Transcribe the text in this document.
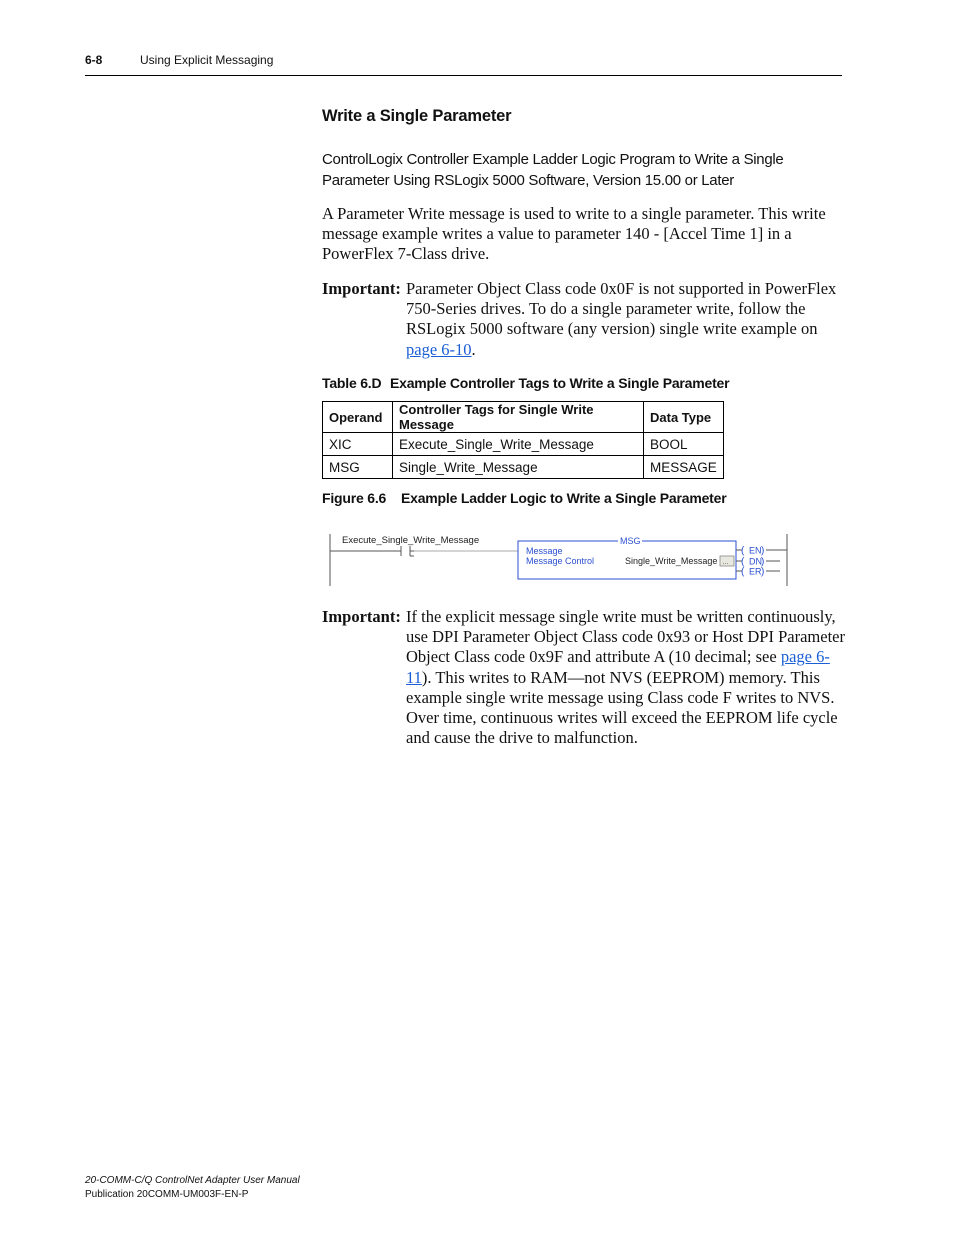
6-8	Using Explicit Messaging
Write a Single Parameter
ControlLogix Controller Example Ladder Logic Program to Write a Single Parameter Using RSLogix 5000 Software, Version 15.00 or Later
A Parameter Write message is used to write to a single parameter. This write message example writes a value to parameter 140 - [Accel Time 1] in a PowerFlex 7-Class drive.
Important: Parameter Object Class code 0x0F is not supported in PowerFlex 750-Series drives. To do a single parameter write, follow the RSLogix 5000 software (any version) single write example on page 6-10.
Table 6.D Example Controller Tags to Write a Single Parameter
Operand	Controller Tags for Single Write Message	Data Type
XIC	Execute_Single_Write_Message	BOOL
MSG	Single_Write_Message	MESSAGE
Figure 6.6 Example Ladder Logic to Write a Single Parameter
Execute_Single_Write_Message	MSG
Message
Message Control	Single_Write_Message ...
( EN )
( DN )
( ER )
Important: If the explicit message single write must be written continuously, use DPI Parameter Object Class code 0x93 or Host DPI Parameter Object Class code 0x9F and attribute A (10 decimal; see page 6-11). This writes to RAM—not NVS (EEPROM) memory. This example single write message using Class code F writes to NVS. Over time, continuous writes will exceed the EEPROM life cycle and cause the drive to malfunction.
20-COMM-C/Q ControlNet Adapter User Manual
Publication 20COMM-UM003F-EN-P
